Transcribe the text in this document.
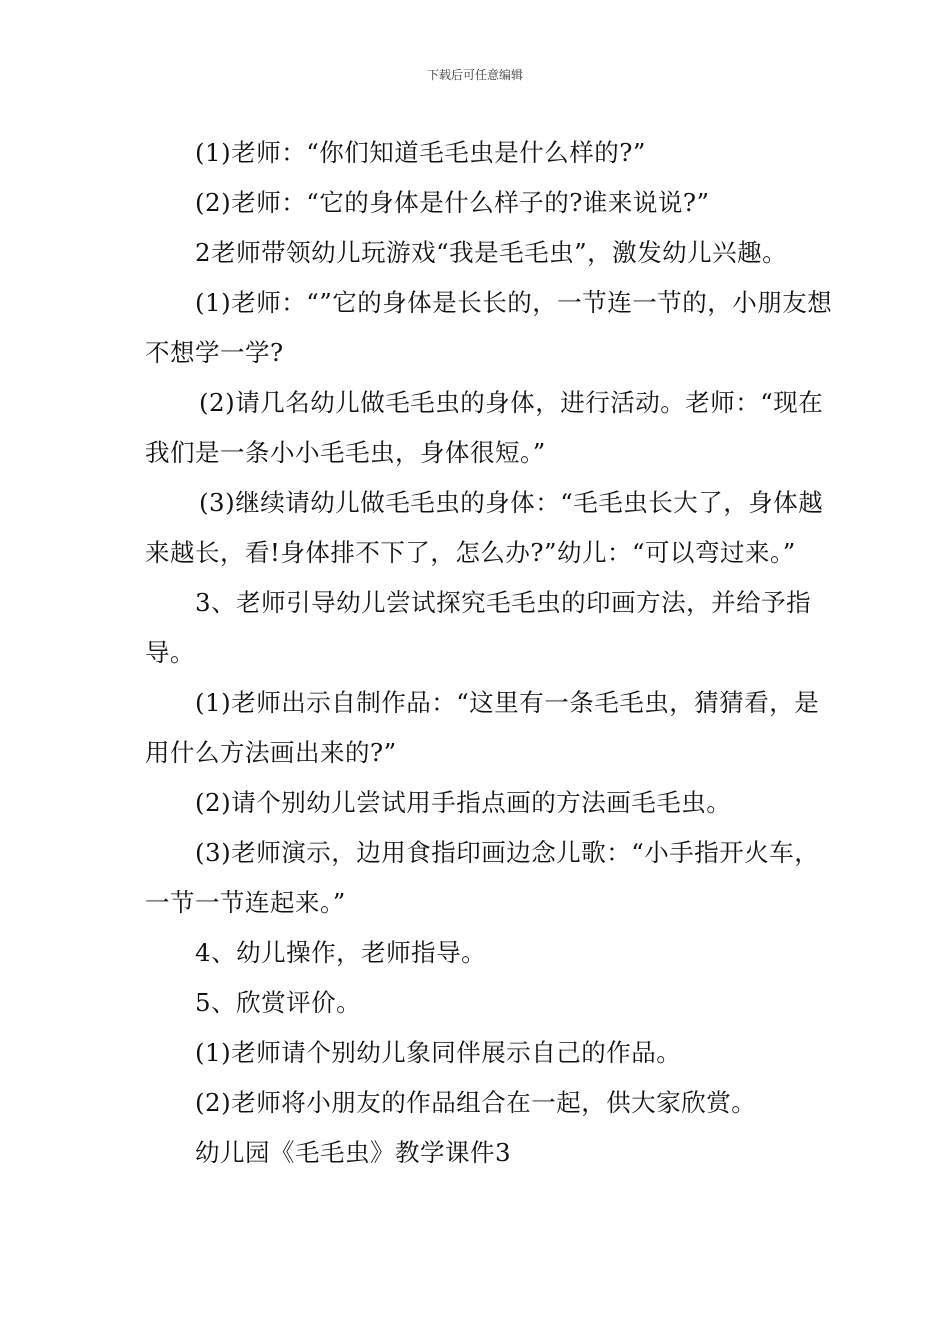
下载后可任意编辑

(1)老师：“你们知道毛毛虫是什么样的?”

(2)老师：“它的身体是什么样子的?谁来说说?”

2老师带领幼儿玩游戏“我是毛毛虫”，激发幼儿兴趣。

(1)老师：“”它的身体是长长的，一节连一节的，小朋友想不想学一学?

(2)请几名幼儿做毛毛虫的身体，进行活动。老师：“现在我们是一条小小毛毛虫，身体很短。”

(3)继续请幼儿做毛毛虫的身体：“毛毛虫长大了，身体越来越长，看!身体排不下了，怎么办?”幼儿：“可以弯过来。”

3、老师引导幼儿尝试探究毛毛虫的印画方法，并给予指导。

(1)老师出示自制作品：“这里有一条毛毛虫，猜猜看，是用什么方法画出来的?”

(2)请个别幼儿尝试用手指点画的方法画毛毛虫。

(3)老师演示，边用食指印画边念儿歌：“小手指开火车，一节一节连起来。”

4、幼儿操作，老师指导。

5、欣赏评价。

(1)老师请个别幼儿象同伴展示自己的作品。

(2)老师将小朋友的作品组合在一起，供大家欣赏。

幼儿园《毛毛虫》教学课件3
